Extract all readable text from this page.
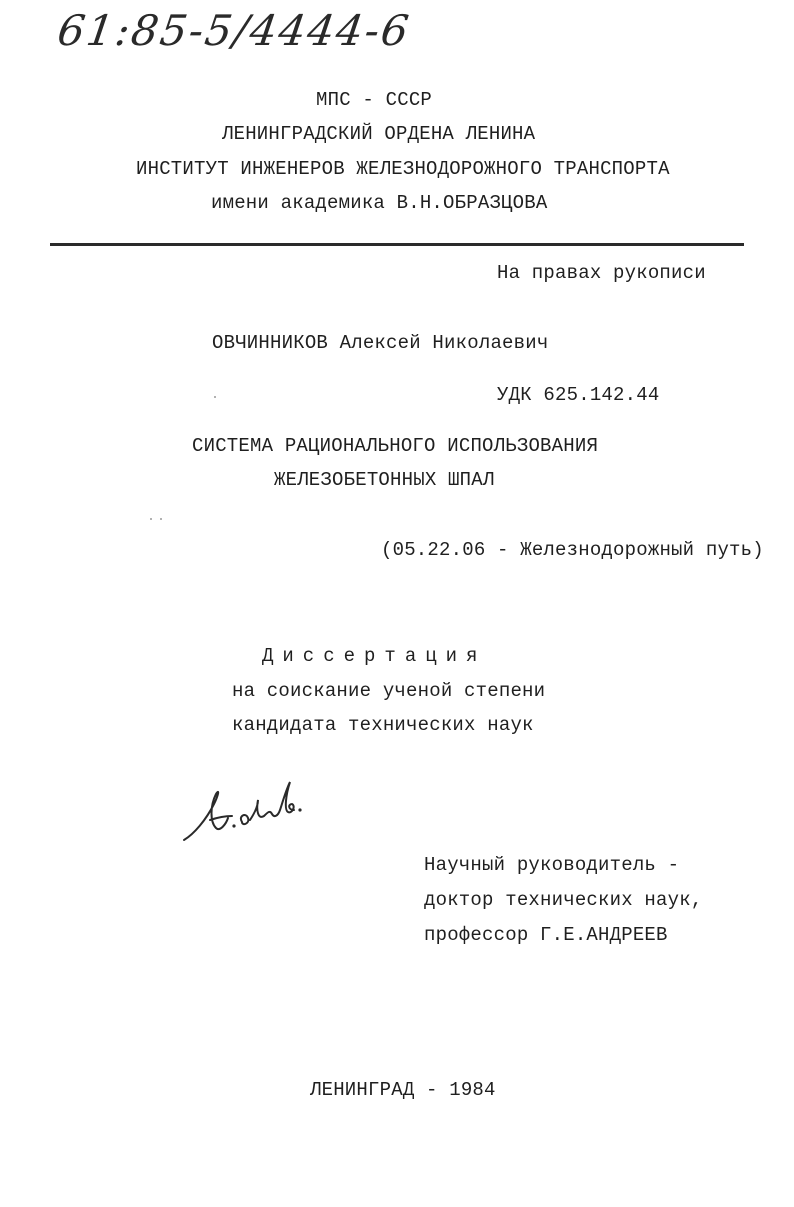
61:85-5/4444-6
МПС - СССР
ЛЕНИНГРАДСКИЙ ОРДЕНА ЛЕНИНА
ИНСТИТУТ ИНЖЕНЕРОВ ЖЕЛЕЗНОДОРОЖНОГО ТРАНСПОРТА
имени академика В.Н.ОБРАЗЦОВА
На правах рукописи
ОВЧИННИКОВ Алексей Николаевич
УДК 625.142.44
СИСТЕМА РАЦИОНАЛЬНОГО ИСПОЛЬЗОВАНИЯ
ЖЕЛЕЗОБЕТОННЫХ ШПАЛ
(05.22.06 - Железнодорожный путь)
Диссертация
на соискание ученой степени
кандидата технических наук
А.Овч.
Научный руководитель -
доктор технических наук,
профессор Г.Е.АНДРЕЕВ
ЛЕНИНГРАД - 1984
